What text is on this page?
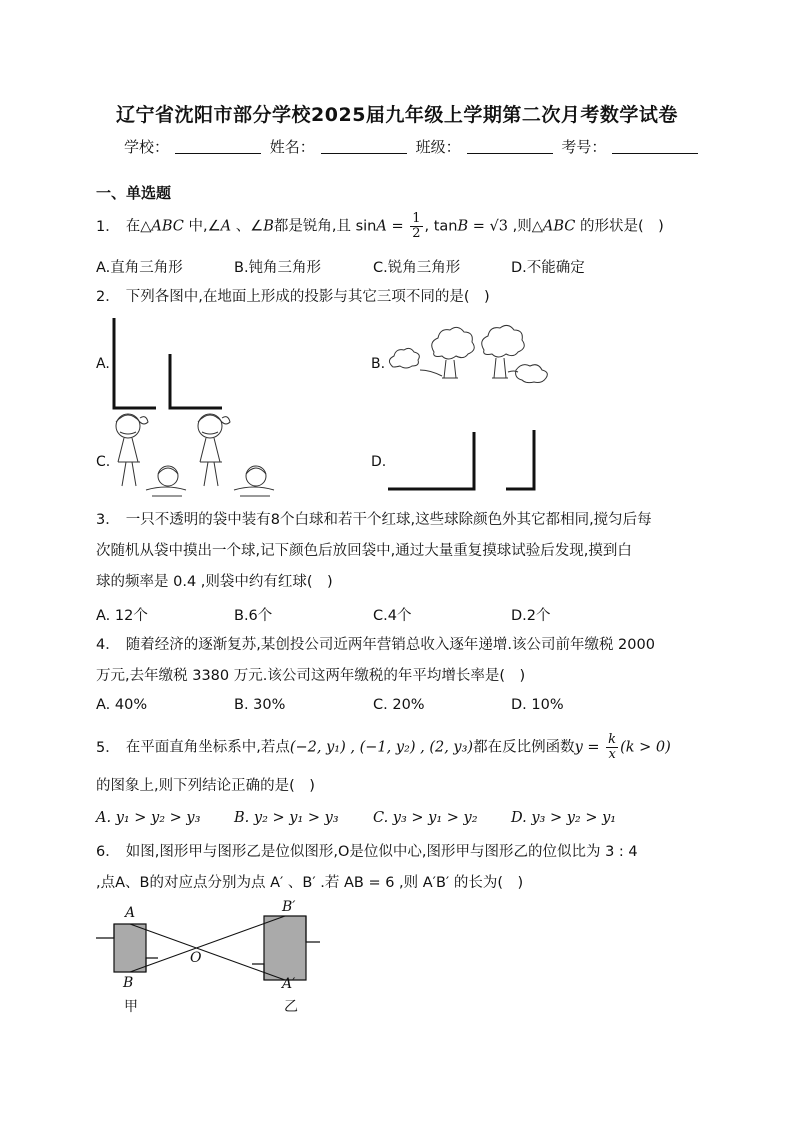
辽宁省沈阳市部分学校2025届九年级上学期第二次月考数学试卷
学校：	姓名：	班级：	考号：
一、单选题
1． 在△ABC 中,∠A 、∠B都是锐角,且 $\sin A = \frac{1}{2}$ , tanB = √3 ,则△ABC 的形状是(　)
A.直角三角形	B.钝角三角形	C.锐角三角形	D.不能确定
2． 下列各图中,在地面上形成的投影与其它三项不同的是(　)
A.	B.
C.	D.
3． 一只不透明的袋中装有8个白球和若干个红球,这些球除颜色外其它都相同,搅匀后每
次随机从袋中摸出一个球,记下颜色后放回袋中,通过大量重复摸球试验后发现,摸到白
球的频率是 0.4 ,则袋中约有红球(　)
A. 12个	B.6个	C.4个	D.2个
4． 随着经济的逐渐复苏,某创投公司近两年营销总收入逐年递增.该公司前年缴税 2000
万元,去年缴税 3380 万元.该公司这两年缴税的年平均增长率是(　)
A. 40%	B. 30%	C. 20%	D. 10%
5． 在平面直角坐标系中,若点(−2, y₁) , (−1, y₂) , (2, y₃)都在反比例函数$y = \frac{k}{x} (k > 0)$
的图象上,则下列结论正确的是(　)
A. y₁ > y₂ > y₃ B. y₂ > y₁ > y₃ C. y₃ > y₁ > y₂ D. y₃ > y₂ > y₁
6． 如图,图形甲与图形乙是位似图形,O是位似中心,图形甲与图形乙的位似比为 3 : 4
,点A、B的对应点分别为点 A′ 、B′ .若 AB = 6 ,则 A′B′ 的长为(　)
A
B
O
B′
A′
甲	乙
